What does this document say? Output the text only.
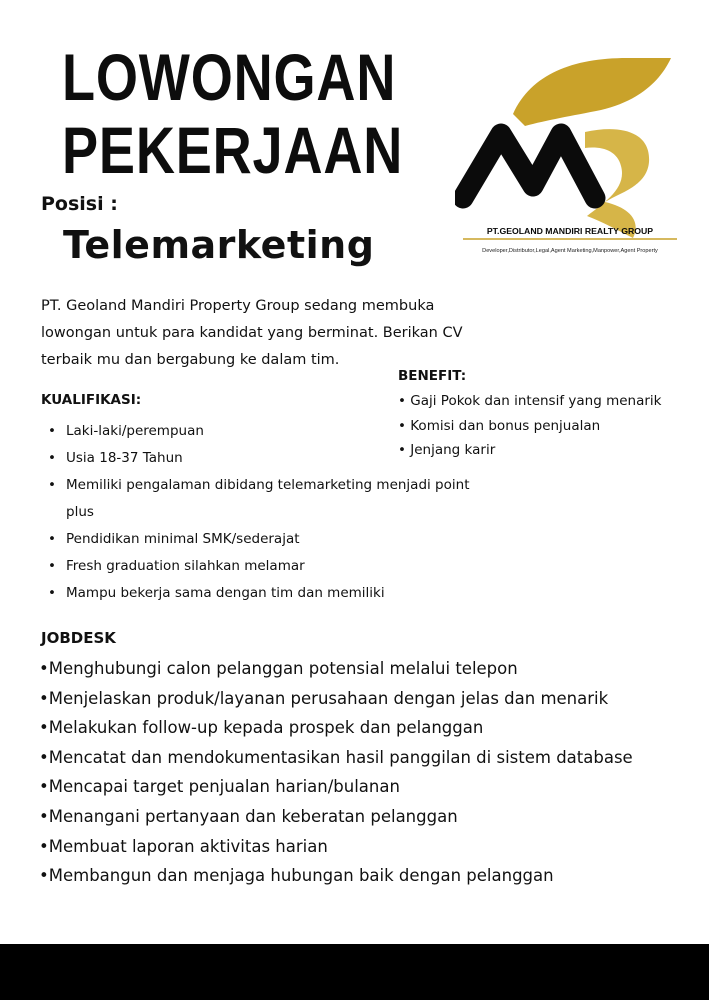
LOWONGAN
PEKERJAAN
Posisi :
Telemarketing	PT.GEOLAND MANDIRI REALTY GROUP
Developer,Distributor,Legal,Agent Marketing,Manpower,Agent Property
PT. Geoland Mandiri Property Group sedang membuka lowongan untuk para kandidat yang berminat. Berikan CV terbaik mu dan bergabung ke dalam tim.
BENEFIT:
• Gaji Pokok dan intensif yang menarik
• Komisi dan bonus penjualan
• Jenjang karir
KUALIFIKASI:
• Laki-laki/perempuan
• Usia 18-37 Tahun
• Memiliki pengalaman dibidang telemarketing menjadi point plus
• Pendidikan minimal SMK/sederajat
• Fresh graduation silahkan melamar
• Mampu bekerja sama dengan tim dan memiliki
JOBDESK
•Menghubungi calon pelanggan potensial melalui telepon
•Menjelaskan produk/layanan perusahaan dengan jelas dan menarik
•Melakukan follow-up kepada prospek dan pelanggan
•Mencatat dan mendokumentasikan hasil panggilan di sistem database
•Mencapai target penjualan harian/bulanan
•Menangani pertanyaan dan keberatan pelanggan
•Membuat laporan aktivitas harian
•Membangun dan menjaga hubungan baik dengan pelanggan
